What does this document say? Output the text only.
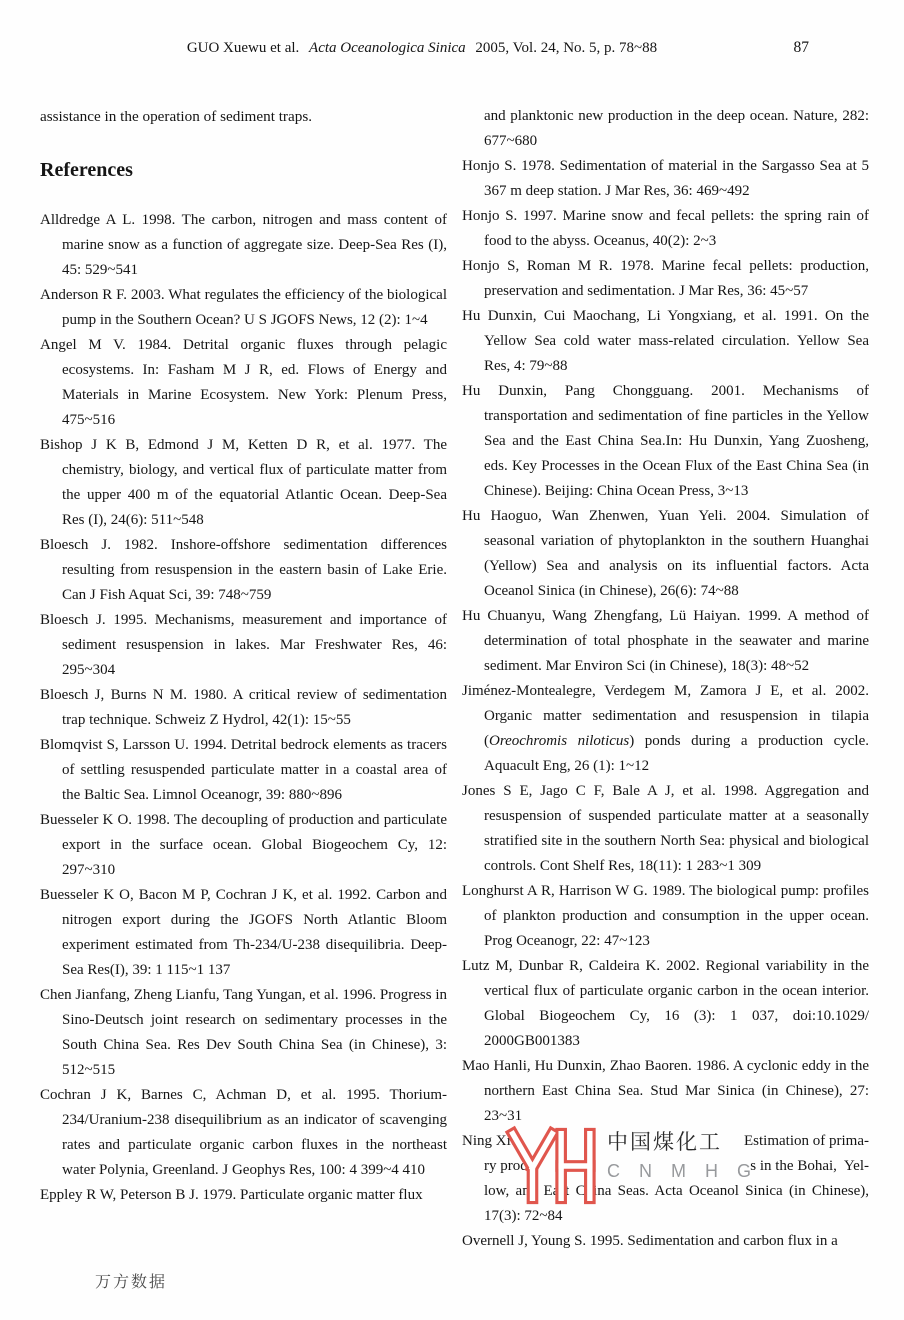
GUO Xuewu et al. Acta Oceanologica Sinica 2005, Vol. 24, No. 5, p. 78~88	87
assistance in the operation of sediment traps.
References
Alldredge A L. 1998. The carbon, nitrogen and mass content of marine snow as a function of aggregate size. Deep-Sea Res (I), 45: 529~541
Anderson R F. 2003. What regulates the efficiency of the biological pump in the Southern Ocean? U S JGOFS News, 12 (2): 1~4
Angel M V. 1984. Detrital organic fluxes through pelagic ecosystems. In: Fasham M J R, ed. Flows of Energy and Materials in Marine Ecosystem. New York: Plenum Press, 475~516
Bishop J K B, Edmond J M, Ketten D R, et al. 1977. The chemistry, biology, and vertical flux of particulate matter from the upper 400 m of the equatorial Atlantic Ocean. Deep-Sea Res (I), 24(6): 511~548
Bloesch J. 1982. Inshore-offshore sedimentation differences resulting from resuspension in the eastern basin of Lake Erie. Can J Fish Aquat Sci, 39: 748~759
Bloesch J. 1995. Mechanisms, measurement and importance of sediment resuspension in lakes. Mar Freshwater Res, 46: 295~304
Bloesch J, Burns N M. 1980. A critical review of sedimentation trap technique. Schweiz Z Hydrol, 42(1): 15~55
Blomqvist S, Larsson U. 1994. Detrital bedrock elements as tracers of settling resuspended particulate matter in a coastal area of the Baltic Sea. Limnol Oceanogr, 39: 880~896
Buesseler K O. 1998. The decoupling of production and particulate export in the surface ocean. Global Biogeochem Cy, 12: 297~310
Buesseler K O, Bacon M P, Cochran J K, et al. 1992. Carbon and nitrogen export during the JGOFS North Atlantic Bloom experiment estimated from Th-234/U-238 disequilibria. Deep-Sea Res(I), 39: 1 115~1 137
Chen Jianfang, Zheng Lianfu, Tang Yungan, et al. 1996. Progress in Sino-Deutsch joint research on sedimentary processes in the South China Sea. Res Dev South China Sea (in Chinese), 3: 512~515
Cochran J K, Barnes C, Achman D, et al. 1995. Thorium-234/Uranium-238 disequilibrium as an indicator of scavenging rates and particulate organic carbon fluxes in the northeast water Polynia, Greenland. J Geophys Res, 100: 4 399~4 410
Eppley R W, Peterson B J. 1979. Particulate organic matter flux
and planktonic new production in the deep ocean. Nature, 282: 677~680
Honjo S. 1978. Sedimentation of material in the Sargasso Sea at 5 367 m deep station. J Mar Res, 36: 469~492
Honjo S. 1997. Marine snow and fecal pellets: the spring rain of food to the abyss. Oceanus, 40(2): 2~3
Honjo S, Roman M R. 1978. Marine fecal pellets: production, preservation and sedimentation. J Mar Res, 36: 45~57
Hu Dunxin, Cui Maochang, Li Yongxiang, et al. 1991. On the Yellow Sea cold water mass-related circulation. Yellow Sea Res, 4: 79~88
Hu Dunxin, Pang Chongguang. 2001. Mechanisms of transportation and sedimentation of fine particles in the Yellow Sea and the East China Sea.In: Hu Dunxin, Yang Zuosheng, eds. Key Processes in the Ocean Flux of the East China Sea (in Chinese). Beijing: China Ocean Press, 3~13
Hu Haoguo, Wan Zhenwen, Yuan Yeli. 2004. Simulation of seasonal variation of phytoplankton in the southern Huanghai (Yellow) Sea and analysis on its influential factors. Acta Oceanol Sinica (in Chinese), 26(6): 74~88
Hu Chuanyu, Wang Zhengfang, Lü Haiyan. 1999. A method of determination of total phosphate in the seawater and marine sediment. Mar Environ Sci (in Chinese), 18(3): 48~52
Jiménez-Montealegre, Verdegem M, Zamora J E, et al. 2002. Organic matter sedimentation and resuspension in tilapia (Oreochromis niloticus) ponds during a production cycle. Aquacult Eng, 26 (1): 1~12
Jones S E, Jago C F, Bale A J, et al. 1998. Aggregation and resuspension of suspended particulate matter at a seasonally stratified site in the southern North Sea: physical and biological controls. Cont Shelf Res, 18(11): 1 283~1 309
Longhurst A R, Harrison W G. 1989. The biological pump: profiles of plankton production and consumption in the upper ocean. Prog Oceanogr, 22: 47~123
Lutz M, Dunbar R, Caldeira K. 2002. Regional variability in the vertical flux of particulate organic carbon in the ocean interior. Global Biogeochem Cy, 16 (3): 1 037, doi:10.1029/ 2000GB001383
Mao Hanli, Hu Dunxin, Zhao Baoren. 1986. A cyclonic eddy in the northern East China Sea. Stud Mar Sinica (in Chinese), 27: 23~31
Ning Xiu	Estimation of prima-
ry prod	s in the Bohai,  Yel-
low, and East China Seas. Acta Oceanol Sinica (in Chinese),
17(3): 72~84
Overnell J, Young S. 1995. Sedimentation and carbon flux in a
中国煤化工
C N M H G
万方数据
